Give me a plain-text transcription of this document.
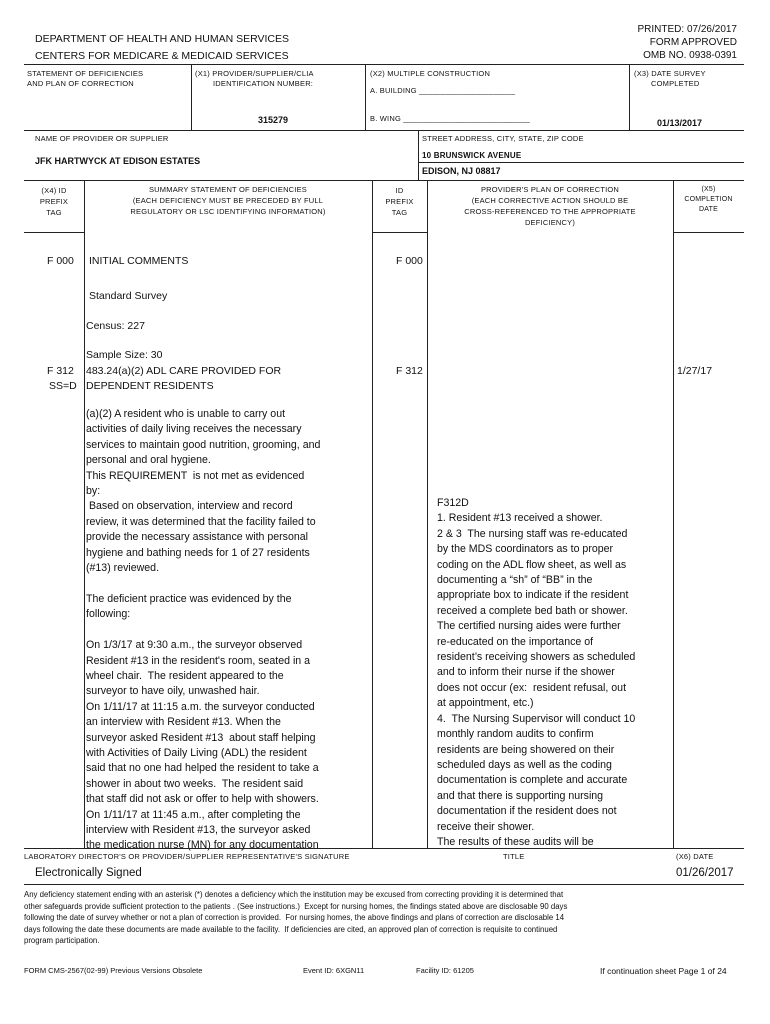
DEPARTMENT OF HEALTH AND HUMAN SERVICES
CENTERS FOR MEDICARE & MEDICAID SERVICES
PRINTED: 07/26/2017
FORM APPROVED
OMB NO. 0938-0391
STATEMENT OF DEFICIENCIES
AND PLAN OF CORRECTION
(X1) PROVIDER/SUPPLIER/CLIA
IDENTIFICATION NUMBER:
315279
(X2) MULTIPLE CONSTRUCTION
A. BUILDING ______________________
B. WING _____________________________
(X3) DATE SURVEY
COMPLETED
01/13/2017
NAME OF PROVIDER OR SUPPLIER
JFK HARTWYCK AT EDISON ESTATES
STREET ADDRESS, CITY, STATE, ZIP CODE
10 BRUNSWICK AVENUE
EDISON, NJ 08817
(X4) ID
PREFIX
TAG
SUMMARY STATEMENT OF DEFICIENCIES
(EACH DEFICIENCY MUST BE PRECEDED BY FULL
REGULATORY OR LSC IDENTIFYING INFORMATION)
ID
PREFIX
TAG
PROVIDER'S PLAN OF CORRECTION
(EACH CORRECTIVE ACTION SHOULD BE
CROSS-REFERENCED TO THE APPROPRIATE
DEFICIENCY)
(X5)
COMPLETION
DATE
F 000 INITIAL COMMENTS	F 000
Standard Survey
Census: 227
Sample Size: 30
F 312
SS=D
483.24(a)(2) ADL CARE PROVIDED FOR
DEPENDENT RESIDENTS
F 312	1/27/17
(a)(2) A resident who is unable to carry out
activities of daily living receives the necessary
services to maintain good nutrition, grooming, and
personal and oral hygiene.
This REQUIREMENT  is not met as evidenced
by:
Based on observation, interview and record
review, it was determined that the facility failed to
provide the necessary assistance with personal
hygiene and bathing needs for 1 of 27 residents
(#13) reviewed.

The deficient practice was evidenced by the
following:

On 1/3/17 at 9:30 a.m., the surveyor observed
Resident #13 in the resident's room, seated in a
wheel chair.  The resident appeared to the
surveyor to have oily, unwashed hair.
On 1/11/17 at 11:15 a.m. the surveyor conducted
an interview with Resident #13. When the
surveyor asked Resident #13  about staff helping
with Activities of Daily Living (ADL) the resident
said that no one had helped the resident to take a
shower in about two weeks.  The resident said
that staff did not ask or offer to help with showers.
On 1/11/17 at 11:45 a.m., after completing the
interview with Resident #13, the surveyor asked
the medication nurse (MN) for any documentation
F312D
1. Resident #13 received a shower.
2 & 3  The nursing staff was re-educated
by the MDS coordinators as to proper
coding on the ADL flow sheet, as well as
documenting a “sh” of “BB” in the
appropriate box to indicate if the resident
received a complete bed bath or shower.
The certified nursing aides were further
re-educated on the importance of
resident’s receiving showers as scheduled
and to inform their nurse if the shower
does not occur (ex:  resident refusal, out
at appointment, etc.)
4.  The Nursing Supervisor will conduct 10
monthly random audits to confirm
residents are being showered on their
scheduled days as well as the coding
documentation is complete and accurate
and that there is supporting nursing
documentation if the resident does not
receive their shower.
The results of these audits will be
LABORATORY DIRECTOR'S OR PROVIDER/SUPPLIER REPRESENTATIVE'S SIGNATURE	TITLE	(X6) DATE
Electronically Signed	01/26/2017
Any deficiency statement ending with an asterisk (*) denotes a deficiency which the institution may be excused from correcting providing it is determined that
other safeguards provide sufficient protection to the patients . (See instructions.)  Except for nursing homes, the findings stated above are disclosable 90 days
following the date of survey whether or not a plan of correction is provided.  For nursing homes, the above findings and plans of correction are disclosable 14
days following the date these documents are made available to the facility.  If deficiencies are cited, an approved plan of correction is requisite to continued
program participation.
FORM CMS-2567(02-99) Previous Versions Obsolete	Event ID: 6XGN11	Facility ID: 61205	If continuation sheet Page 1 of 24
